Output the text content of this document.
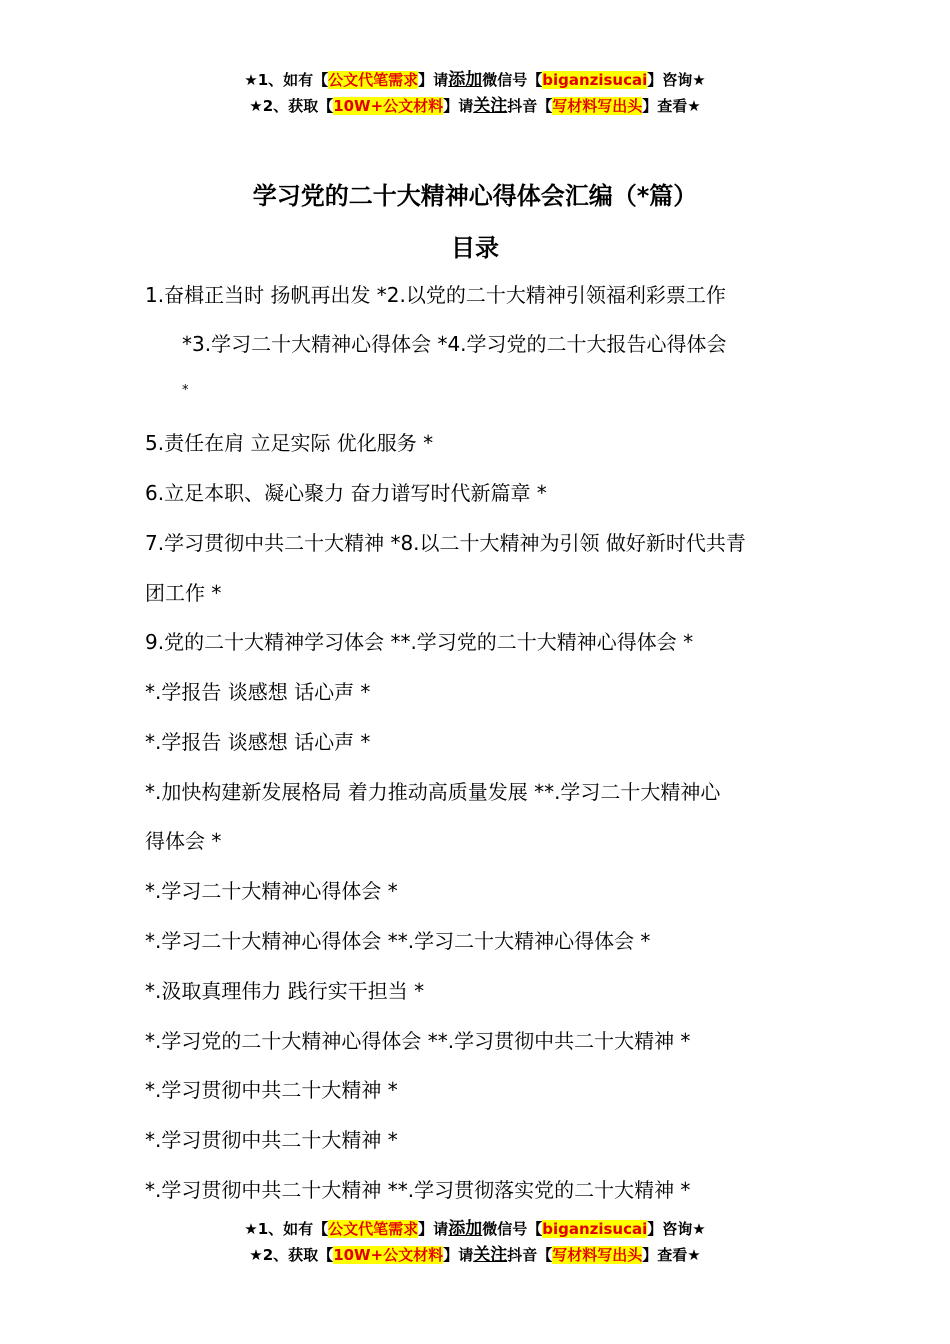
★1、如有【公文代笔需求】请添加微信号【biganzisucai】咨询★
★2、获取【10W+公文材料】请关注抖音【写材料写出头】查看★
学习党的二十大精神心得体会汇编（*篇）
目录
1.奋楫正当时 扬帆再出发 *2.以党的二十大精神引领福利彩票工作
*3.学习二十大精神心得体会 *4.学习党的二十大报告心得体会
*
5.责任在肩 立足实际 优化服务 *
6.立足本职、凝心聚力 奋力谱写时代新篇章 *
7.学习贯彻中共二十大精神 *8.以二十大精神为引领 做好新时代共青
团工作 *
9.党的二十大精神学习体会 **.学习党的二十大精神心得体会 *
*.学报告 谈感想 话心声 *
*.学报告 谈感想 话心声 *
*.加快构建新发展格局 着力推动高质量发展 **.学习二十大精神心
得体会 *
*.学习二十大精神心得体会 *
*.学习二十大精神心得体会 **.学习二十大精神心得体会 *
*.汲取真理伟力 践行实干担当 *
*.学习党的二十大精神心得体会 **.学习贯彻中共二十大精神 *
*.学习贯彻中共二十大精神 *
*.学习贯彻中共二十大精神 *
*.学习贯彻中共二十大精神 **.学习贯彻落实党的二十大精神 *
★1、如有【公文代笔需求】请添加微信号【biganzisucai】咨询★
★2、获取【10W+公文材料】请关注抖音【写材料写出头】查看★
